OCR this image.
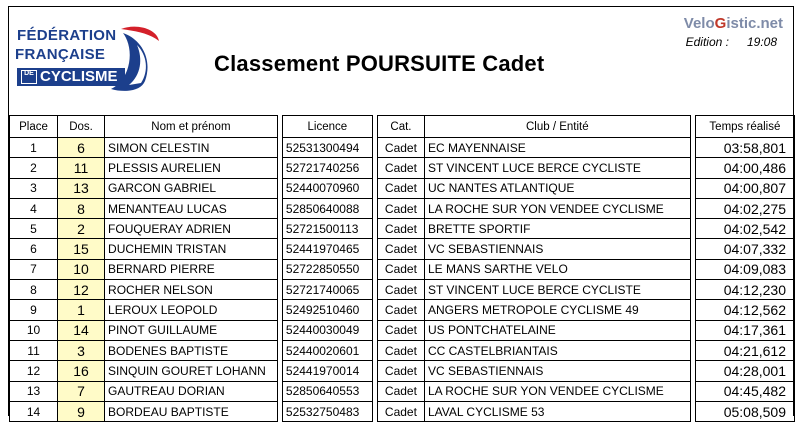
FÉDÉRATION
FRANÇAISE
DE CYCLISME
Classement POURSUITE Cadet
VeloGistic.net
Edition : 19:08
Place	Dos.	Nom et prénom		Licence		Cat.	Club / Entité		Temps réalisé
1	6	SIMON CELESTIN		52531300494		Cadet	EC MAYENNAISE		03:58,801
2	11	PLESSIS AURELIEN		52721740256		Cadet	ST VINCENT LUCE BERCE CYCLISTE		04:00,486
3	13	GARCON GABRIEL		52440070960		Cadet	UC NANTES ATLANTIQUE		04:00,807
4	8	MENANTEAU LUCAS		52850640088		Cadet	LA ROCHE SUR YON VENDEE CYCLISME		04:02,275
5	2	FOUQUERAY ADRIEN		52721500113		Cadet	BRETTE SPORTIF		04:02,542
6	15	DUCHEMIN TRISTAN		52441970465		Cadet	VC SEBASTIENNAIS		04:07,332
7	10	BERNARD PIERRE		52722850550		Cadet	LE MANS SARTHE VELO		04:09,083
8	12	ROCHER NELSON		52721740065		Cadet	ST VINCENT LUCE BERCE CYCLISTE		04:12,230
9	1	LEROUX LEOPOLD		52492510460		Cadet	ANGERS METROPOLE CYCLISME 49		04:12,562
10	14	PINOT GUILLAUME		52440030049		Cadet	US PONTCHATELAINE		04:17,361
11	3	BODENES BAPTISTE		52440020601		Cadet	CC CASTELBRIANTAIS		04:21,612
12	16	SINQUIN GOURET LOHANN		52441970014		Cadet	VC SEBASTIENNAIS		04:28,001
13	7	GAUTREAU DORIAN		52850640553		Cadet	LA ROCHE SUR YON VENDEE CYCLISME		04:45,482
14	9	BORDEAU BAPTISTE		52532750483		Cadet	LAVAL CYCLISME 53		05:08,509
